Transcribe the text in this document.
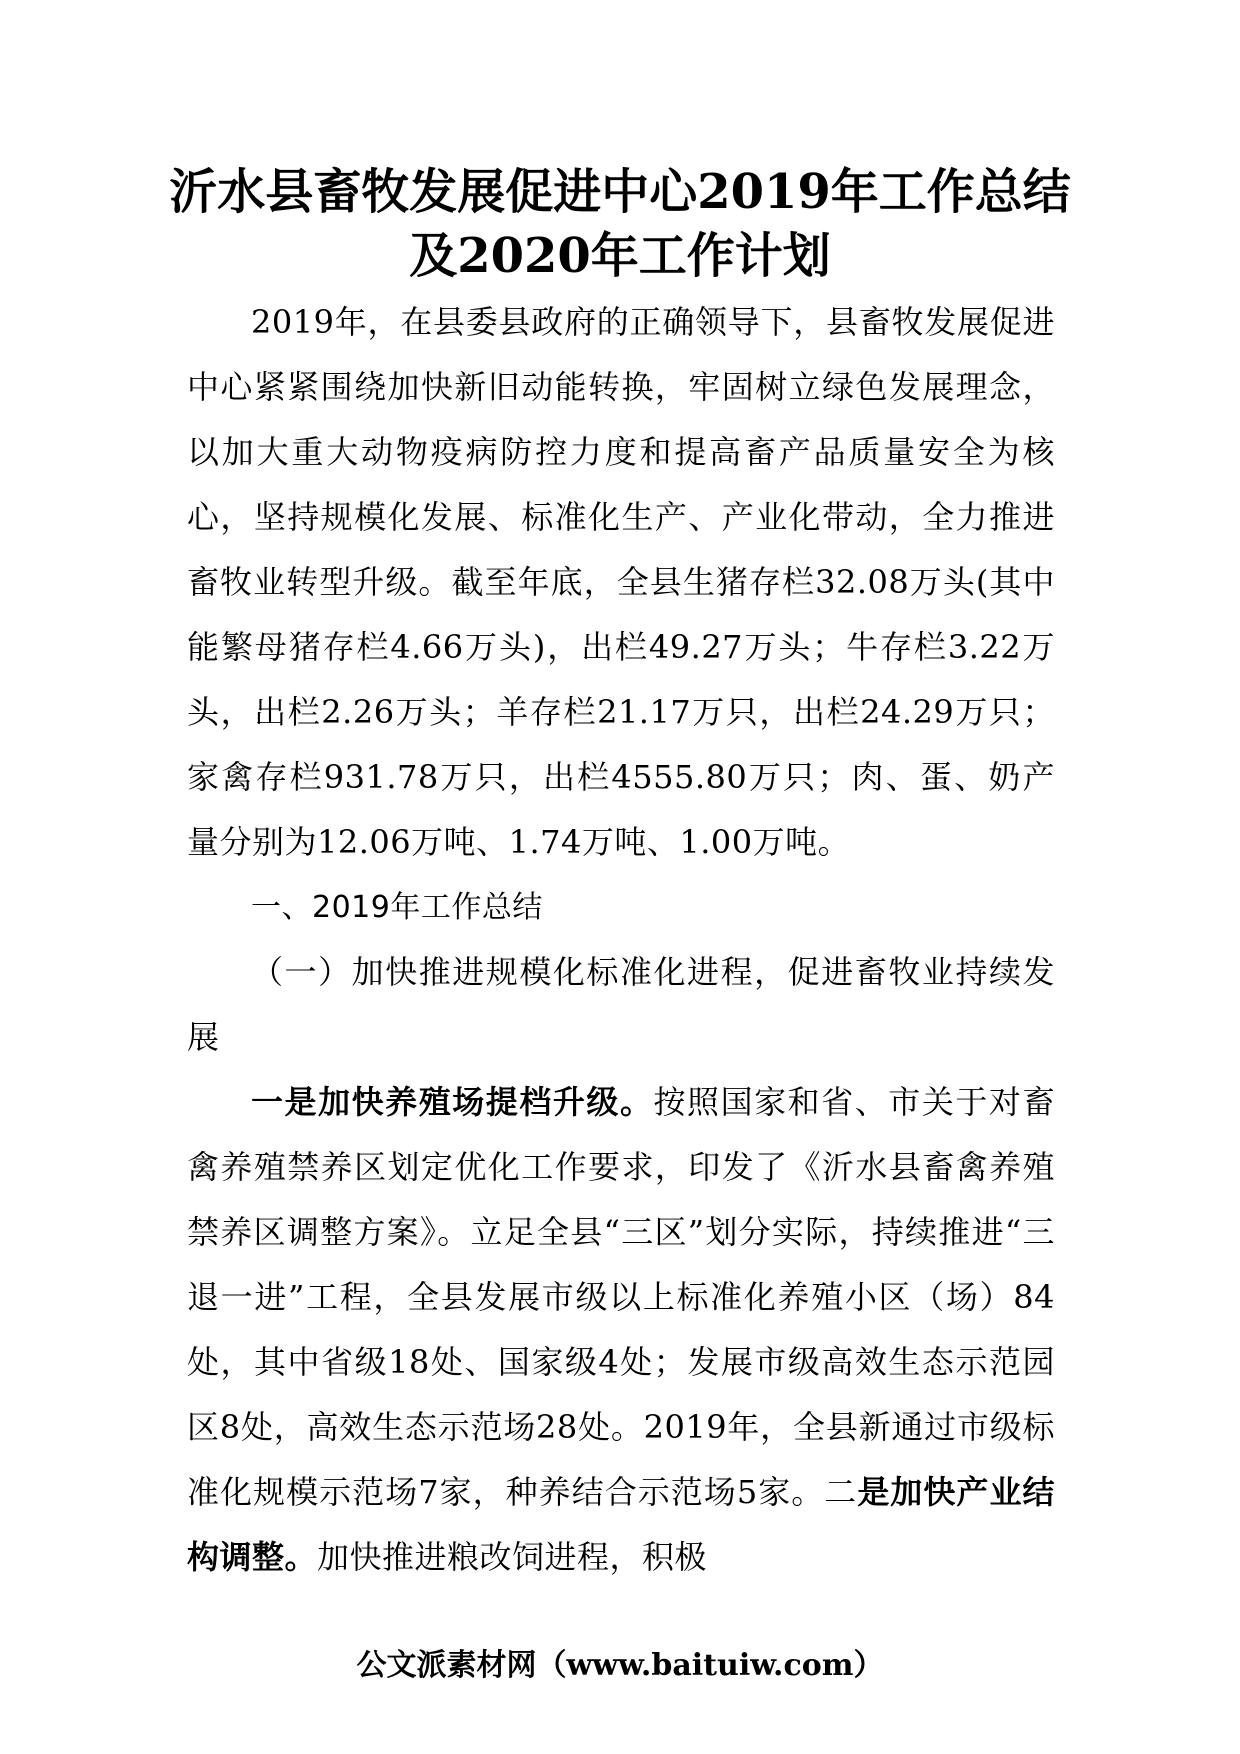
沂水县畜牧发展促进中心2019年工作总结
及2020年工作计划

2019年，在县委县政府的正确领导下，县畜牧发展促进中心紧紧围绕加快新旧动能转换，牢固树立绿色发展理念，以加大重大动物疫病防控力度和提高畜产品质量安全为核心，坚持规模化发展、标准化生产、产业化带动，全力推进畜牧业转型升级。截至年底，全县生猪存栏32.08万头(其中能繁母猪存栏4.66万头)，出栏49.27万头；牛存栏3.22万头，出栏2.26万头；羊存栏21.17万只，出栏24.29万只；家禽存栏931.78万只，出栏4555.80万只；肉、蛋、奶产量分别为12.06万吨、1.74万吨、1.00万吨。

一、2019年工作总结

（一）加快推进规模化标准化进程，促进畜牧业持续发展

一是加快养殖场提档升级。按照国家和省、市关于对畜禽养殖禁养区划定优化工作要求，印发了《沂水县畜禽养殖禁养区调整方案》。立足全县“三区”划分实际，持续推进“三退一进”工程，全县发展市级以上标准化养殖小区（场）84处，其中省级18处、国家级4处；发展市级高效生态示范园区8处，高效生态示范场28处。2019年，全县新通过市级标准化规模示范场7家，种养结合示范场5家。二是加快产业结构调整。加快推进粮改饲进程，积极

公文派素材网（www.baituiw.com）
